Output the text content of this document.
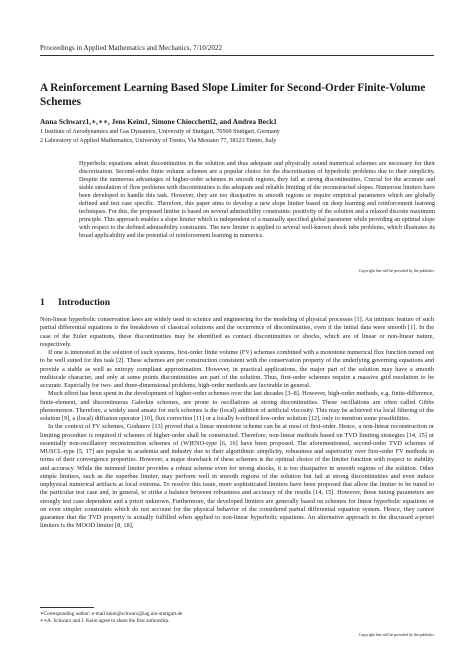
Proceedings in Applied Mathematics and Mechanics, 7/10/2022
A Reinforcement Learning Based Slope Limiter for Second-Order Finite-Volume Schemes
Anna Schwarz1,∗,∗∗, Jens Keim1, Simone Chiocchetti2, and Andrea Beck1
1 Institute of Aerodynamics and Gas Dynamics, University of Stuttgart, 70569 Stuttgart, Germany
2 Laboratory of Applied Mathematics, University of Trento, Via Mesiano 77, 38123 Trento, Italy

Hyperbolic equations admit discontinuities in the solution and thus adequate and physically sound numerical schemes are necessary for their discretization. Second-order finite volume schemes are a popular choice for the discretization of hyperbolic problems due to their simplicity. Despite the numerous advantages of higher-order schemes in smooth regions, they fail at strong discontinuities. Crucial for the accurate and stable simulation of flow problems with discontinuities is the adequate and reliable limiting of the reconstructed slopes. Numerous limiters have been developed to handle this task. However, they are too dissipative in smooth regions or require empirical parameters which are globally defined and test case specific. Therefore, this paper aims to develop a new slope limiter based on deep learning and reinforcement learning techniques. For this, the proposed limiter is based on several admissibility constraints: positivity of the solution and a relaxed discrete maximum principle. This approach enables a slope limiter which is independent of a manually specified global parameter while providing an optimal slope with respect to the defined admissibility constraints. The new limiter is applied to several well-known shock tube problems, which illustrates its broad applicability and the potential of reinforcement learning in numerics.

Copyright line will be provided by the publisher
1 Introduction

Non-linear hyperbolic conservation laws are widely used in science and engineering for the modeling of physical processes [1]. An intrinsic feature of such partial differential equations is the breakdown of classical solutions and the occurrence of discontinuities, even if the initial data were smooth [1]. In the case of the Euler equations, these discontinuities may be identified as contact discontinuities or shocks, which are of linear or non-linear nature, respectively.

If one is interested in the solution of such systems, first-order finite volume (FV) schemes combined with a monotone numerical flux function turned out to be well suited for this task [2]. These schemes are per construction consistent with the conservation property of the underlying governing equations and provide a stable as well as entropy compliant approximation. However, in practical applications, the major part of the solution may have a smooth multiscale character, and only at some points discontinuities are part of the solution. Thus, first-order schemes require a massive grid resolution to be accurate. Especially for two- and three-dimensional problems, high-order methods are favorable in general.

Much effort has been spent in the development of higher-order schemes over the last decades [3–8]. However, high-order methods, e.g. finite-difference, finite-element, and discontinuous Galerkin schemes, are prone to oscillations at strong discontinuities. These oscillations are often called Gibbs phenomenon. Therefore, a widely used ansatz for such schemes is the (local) addition of artificial viscosity. This may be achieved via local filtering of the solution [9], a (local) diffusion operator [10], flux correction [11] or a locally h-refined low-order solution [12], only to mention some possibilities.

In the context of FV schemes, Godunov [13] proved that a linear monotone scheme can be at most of first-order. Hence, a non-linear reconstruction or limiting procedure is required if schemes of higher-order shall be constructed. Therefore, non-linear methods based on TVD limiting strategies [14, 15] or essentially non-oscillatory reconstruction schemes of (W)ENO-type [6, 16] have been proposed. The aforementioned, second-order TVD schemes of MUSCL-type [5, 17] are popular in academia and industry due to their algorithmic simplicity, robustness and superiority over first-order FV methods in terms of their convergence properties. However, a major drawback of these schemes is the optimal choice of the limiter function with respect to stability and accuracy. While the minmod limiter provides a robust scheme even for strong shocks, it is too dissipative in smooth regions of the solution. Other simple limiters, such as the superbee limiter, may perform well in smooth regions of the solution but fail at strong discontinuities and even induce unphysical numerical artifacts at local extrema. To resolve this issue, more sophisticated limiters have been proposed that allow the limiter to be tuned to the particular test case and, in general, to strike a balance between robustness and accuracy of the results [14, 15]. However, these tuning parameters are strongly test case dependent and a priori unknown. Furthermore, the developed limiters are generally based on schemes for linear hyperbolic equations or on even simpler constraints which do not account for the physical behavior of the considered partial differential equation system. Hence, they cannot guarantee that the TVD property is actually fulfilled when applied to non-linear hyperbolic equations. An alternative approach to the discussed a-priori limiters is the MOOD limiter [8, 18],

∗Corresponding author: e-mail keim@schwarz@iag.uni-stuttgart.de
∗∗A. Schwarz and J. Keim agree to share the first authorship.
Copyright line will be provided by the publisher
